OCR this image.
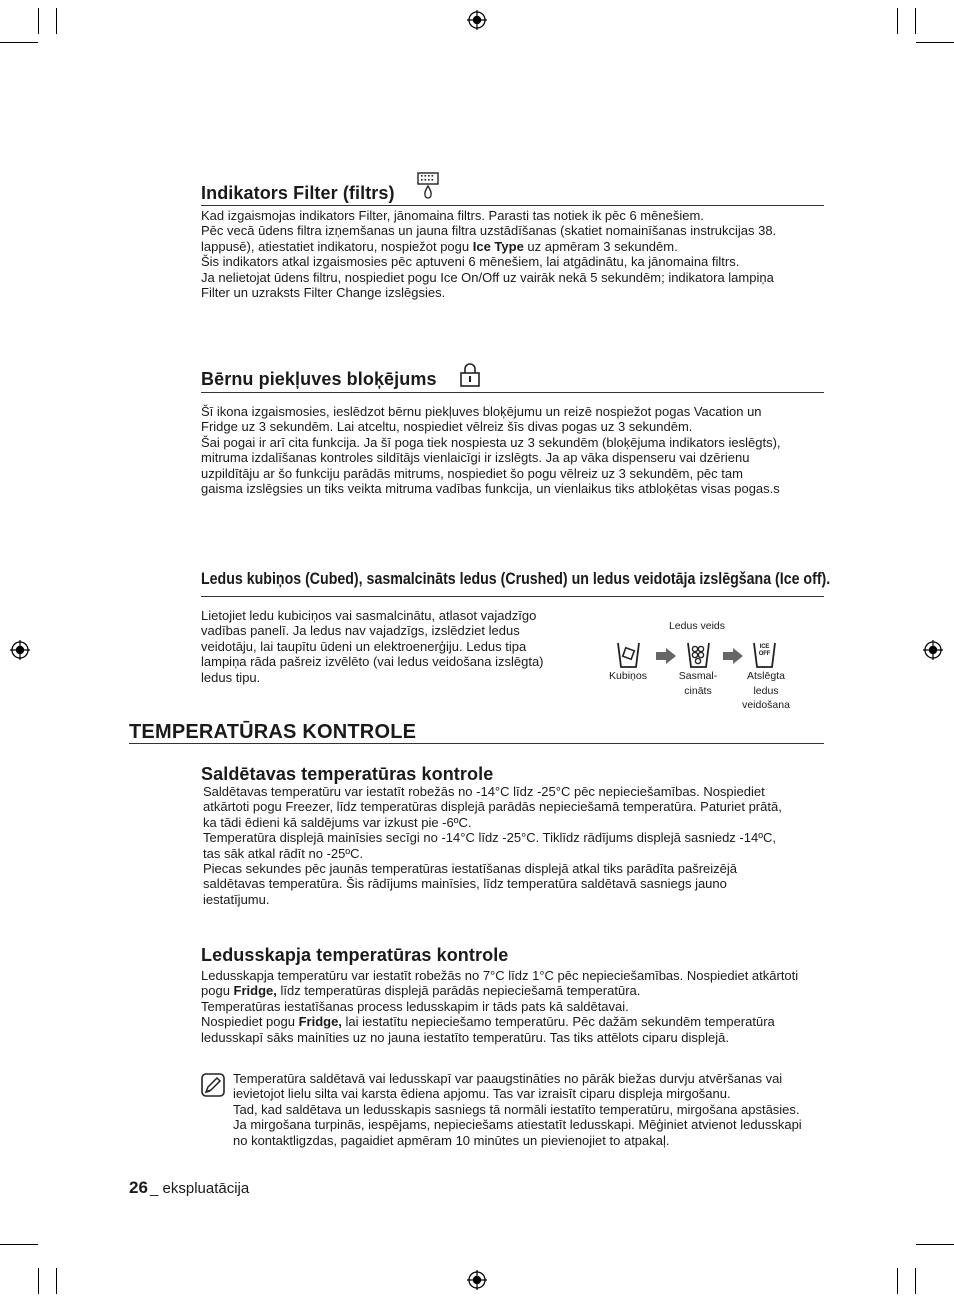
Indikators Filter (filtrs)

Kad izgaismojas indikators Filter, jānomaina filtrs. Parasti tas notiek ik pēc 6 mēnešiem.

Pēc vecā ūdens filtra izņemšanas un jauna filtra uzstādīšanas (skatiet nomainīšanas instrukcijas 38.

lappusē), atiestatiet indikatoru, nospiežot pogu Ice Type uz apmēram 3 sekundēm.

Šis indikators atkal izgaismosies pēc aptuveni 6 mēnešiem, lai atgādinātu, ka jānomaina filtrs.

Ja nelietojat ūdens filtru, nospiediet pogu Ice On/Off uz vairāk nekā 5 sekundēm; indikatora lampiņa

Filter un uzraksts Filter Change izslēgsies.

Bērnu piekļuves bloķējums

Šī ikona izgaismosies, ieslēdzot bērnu piekļuves bloķējumu un reizē nospiežot pogas Vacation un

Fridge uz 3 sekundēm. Lai atceltu, nospiediet vēlreiz šīs divas pogas uz 3 sekundēm.

Šai pogai ir arī cita funkcija. Ja šī poga tiek nospiesta uz 3 sekundēm (bloķējuma indikators ieslēgts),

mitruma izdalīšanas kontroles sildītājs vienlaicīgi ir izslēgts. Ja ap vāka dispenseru vai dzērienu

uzpildītāju ar šo funkciju parādās mitrums, nospiediet šo pogu vēlreiz uz 3 sekundēm, pēc tam

gaisma izslēgsies un tiks veikta mitruma vadības funkcija, un vienlaikus tiks atbloķētas visas pogas.s

Ledus kubiņos (Cubed), sasmalcināts ledus (Crushed) un ledus veidotāja izslēgšana (Ice off).

Lietojiet ledu kubiciņos vai sasmalcinātu, atlasot vajadzīgo

vadības panelī. Ja ledus nav vajadzīgs, izslēdziet ledus

veidotāju, lai taupītu ūdeni un elektroenerģiju. Ledus tipa

lampiņa rāda pašreiz izvēlēto (vai ledus veidošana izslēgta)

ledus tipu.

Ledus veids
ICE OFF
Kubiņos	Sasmal-
cināts
Atslēgta
ledus
veidošana
TEMPERATŪRAS KONTROLE
Saldētavas temperatūras kontrole

Saldētavas temperatūru var iestatīt robežās no -14°C līdz -25°C pēc nepieciešamības. Nospiediet

atkārtoti pogu Freezer, līdz temperatūras displejā parādās nepieciešamā temperatūra. Paturiet prātā,

ka tādi ēdieni kā saldējums var izkust pie -6ºC.

Temperatūra displejā mainīsies secīgi no -14°C līdz -25°C. Tiklīdz rādījums displejā sasniedz -14ºC,

tas sāk atkal rādīt no -25ºC.

Piecas sekundes pēc jaunās temperatūras iestatīšanas displejā atkal tiks parādīta pašreizējā

saldētavas temperatūra. Šis rādījums mainīsies, līdz temperatūra saldētavā sasniegs jauno

iestatījumu.

Ledusskapja temperatūras kontrole

Ledusskapja temperatūru var iestatīt robežās no 7°C līdz 1°C pēc nepieciešamības. Nospiediet atkārtoti

pogu Fridge, līdz temperatūras displejā parādās nepieciešamā temperatūra.

Temperatūras iestatīšanas process ledusskapim ir tāds pats kā saldētavai.

Nospiediet pogu Fridge, lai iestatītu nepieciešamo temperatūru. Pēc dažām sekundēm temperatūra

ledusskapī sāks mainīties uz no jauna iestatīto temperatūru. Tas tiks attēlots ciparu displejā.

Temperatūra saldētavā vai ledusskapī var paaugstināties no pārāk biežas durvju atvēršanas vai

ievietojot lielu silta vai karsta ēdiena apjomu. Tas var izraisīt ciparu displeja mirgošanu.

Tad, kad saldētava un ledusskapis sasniegs tā normāli iestatīto temperatūru, mirgošana apstāsies.

Ja mirgošana turpinās, iespējams, nepieciešams atiestatīt ledusskapi. Mēģiniet atvienot ledusskapi

no kontaktligzdas, pagaidiet apmēram 10 minūtes un pievienojiet to atpakaļ.

26 _ ekspluatācija
